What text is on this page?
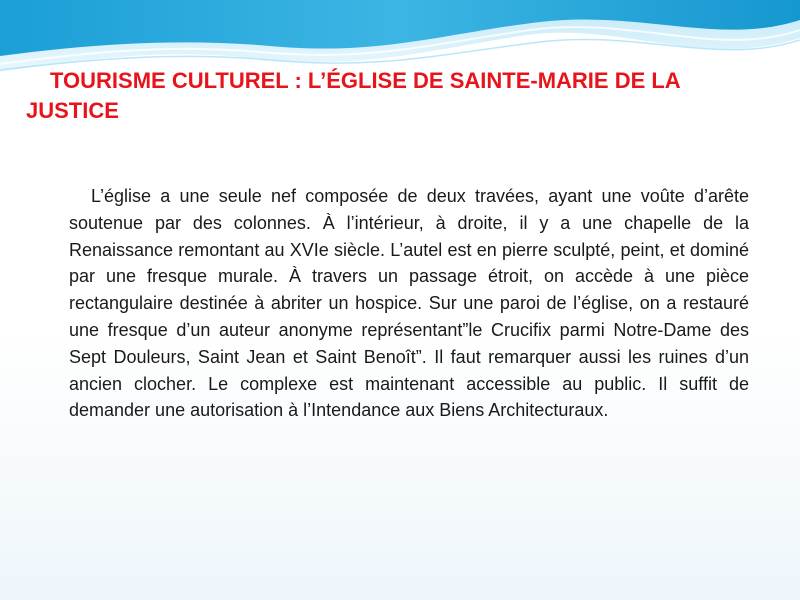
TOURISME CULTUREL : L’ÉGLISE DE SAINTE-MARIE DE LA JUSTICE

L’église a une seule nef composée de deux travées, ayant une voûte d’arête soutenue par des colonnes. À l’intérieur, à droite, il y a une chapelle de la Renaissance remontant au XVIe siècle. L’autel est en pierre sculpté, peint, et dominé par une fresque murale. À travers un passage étroit, on accède à une pièce rectangulaire destinée à abriter un hospice. Sur une paroi de l’église, on a restauré une fresque d’un auteur anonyme représentant”le Crucifix parmi Notre-Dame des Sept Douleurs, Saint Jean et Saint Benoît”. Il faut remarquer aussi les ruines d’un ancien clocher. Le complexe est maintenant accessible au public. Il suffit de demander une autorisation à l’Intendance aux Biens Architecturaux.
